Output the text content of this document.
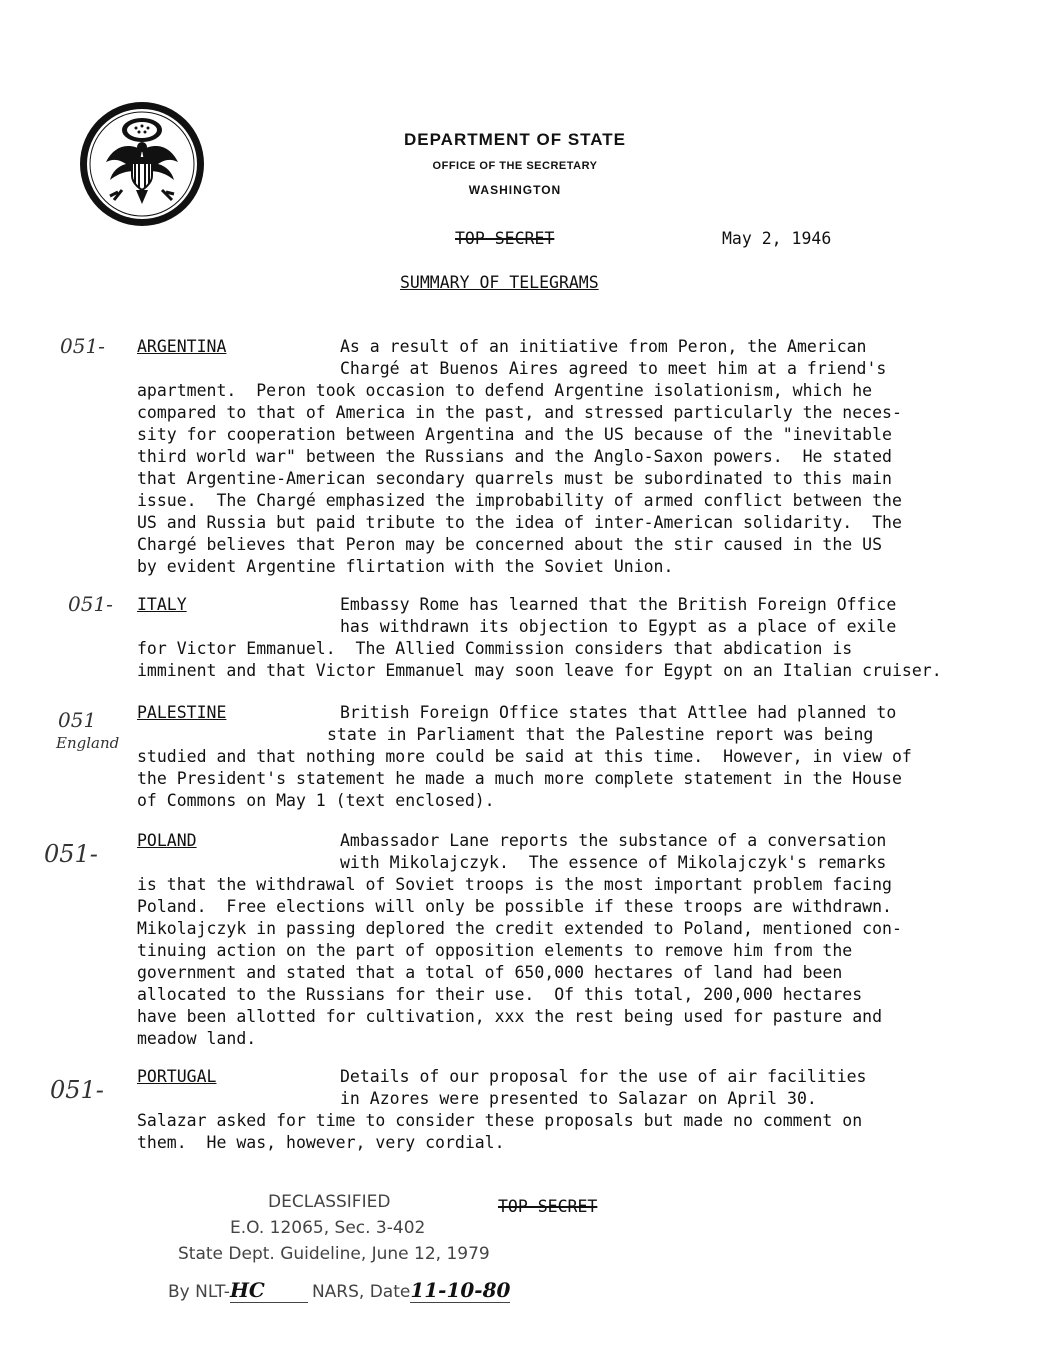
DEPARTMENT OF STATE
OFFICE OF THE SECRETARY
WASHINGTON
TOP SECRET	May 2, 1946
SUMMARY OF TELEGRAMS
051- ARGENTINA	As a result of an initiative from Peron, the American
Chargé at Buenos Aires agreed to meet him at a friend's
apartment.  Peron took occasion to defend Argentine isolationism, which he
compared to that of America in the past, and stressed particularly the neces-
sity for cooperation between Argentina and the US because of the "inevitable
third world war" between the Russians and the Anglo-Saxon powers.  He stated
that Argentine-American secondary quarrels must be subordinated to this main
issue.  The Chargé emphasized the improbability of armed conflict between the
US and Russia but paid tribute to the idea of inter-American solidarity.  The
Chargé believes that Peron may be concerned about the stir caused in the US
by evident Argentine flirtation with the Soviet Union.
051- ITALY	Embassy Rome has learned that the British Foreign Office
has withdrawn its objection to Egypt as a place of exile
for Victor Emmanuel.  The Allied Commission considers that abdication is
imminent and that Victor Emmanuel may soon leave for Egypt on an Italian cruiser.
051
England
PALESTINE	British Foreign Office states that Attlee had planned to
state in Parliament that the Palestine report was being
studied and that nothing more could be said at this time.  However, in view of
the President's statement he made a much more complete statement in the House
of Commons on May 1 (text enclosed).
051- POLAND	Ambassador Lane reports the substance of a conversation
with Mikolajczyk.  The essence of Mikolajczyk's remarks
is that the withdrawal of Soviet troops is the most important problem facing
Poland.  Free elections will only be possible if these troops are withdrawn.
Mikolajczyk in passing deplored the credit extended to Poland, mentioned con-
tinuing action on the part of opposition elements to remove him from the
government and stated that a total of 650,000 hectares of land had been
allocated to the Russians for their use.  Of this total, 200,000 hectares
have been allotted for cultivation, xxx the rest being used for pasture and
meadow land.
051- PORTUGAL	Details of our proposal for the use of air facilities
in Azores were presented to Salazar on April 30.
Salazar asked for time to consider these proposals but made no comment on
them.  He was, however, very cordial.
TOP SECRET
DECLASSIFIED
E.O. 12065, Sec. 3-402
State Dept. Guideline, June 12, 1979
By NLT-HC	NARS, Date11-10-80
